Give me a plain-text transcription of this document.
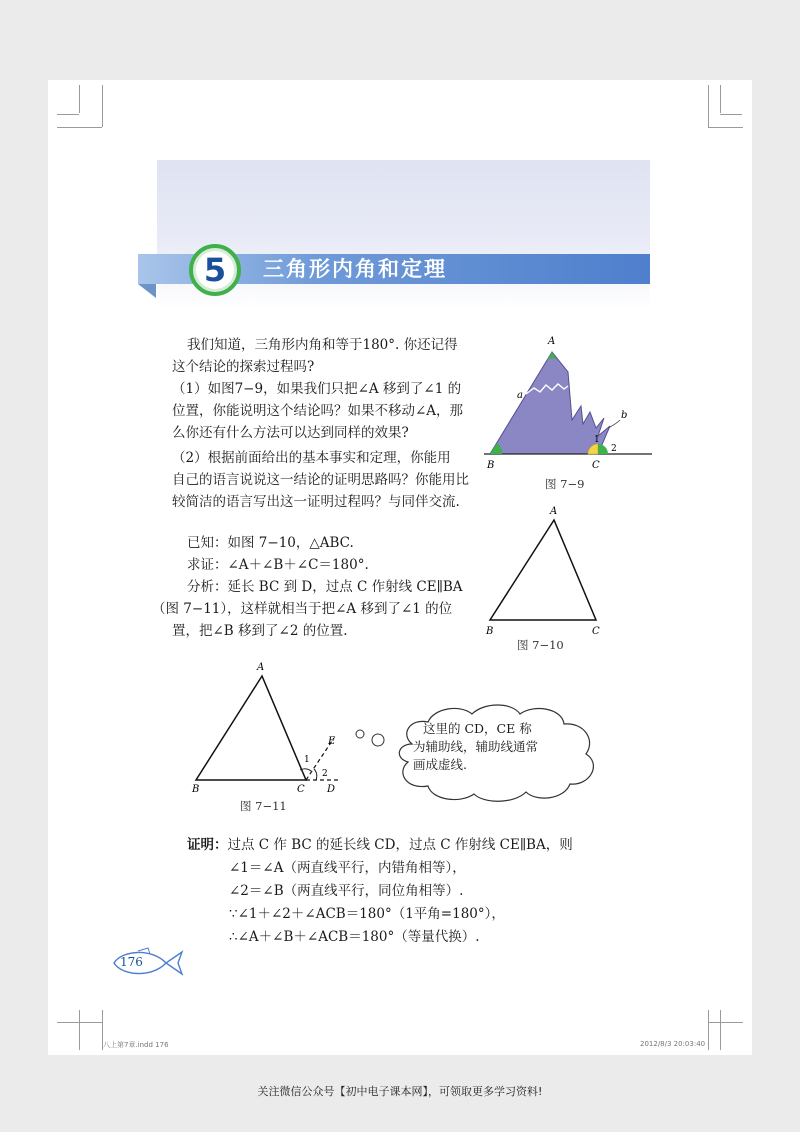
5	三角形内角和定理
我们知道，三角形内角和等于180°. 你还记得
这个结论的探索过程吗?
（1）如图7−9，如果我们只把∠A 移到了∠1 的
位置，你能说明这个结论吗？如果不移动∠A，那
么你还有什么方法可以达到同样的效果?
（2）根据前面给出的基本事实和定理，你能用
自己的语言说说这一结论的证明思路吗？你能用比
较简洁的语言写出这一证明过程吗？与同伴交流.
A
B	C
a
b
1
2
图 7−9
已知：如图 7−10，△ABC.
求证：∠A＋∠B＋∠C＝180°.
分析：延长 BC 到 D，过点 C 作射线 CE∥BA
（图 7−11），这样就相当于把∠A 移到了∠1 的位
置，把∠B 移到了∠2 的位置.
A
B	C
图 7−10
A
B	C D
E
1
2
图 7−11
这里的 CD，CE 称
为辅助线，辅助线通常
画成虚线.
证明：过点 C 作 BC 的延长线 CD，过点 C 作射线 CE∥BA，则
∠1＝∠A（两直线平行，内错角相等），
∠2＝∠B（两直线平行，同位角相等）.
∵∠1＋∠2＋∠ACB＝180°（1平角=180°），
∴∠A＋∠B＋∠ACB＝180°（等量代换）.
176
八上第7章.indd 176	2012/8/3 20:03:40
关注微信公众号【初中电子课本网】，可领取更多学习资料!
